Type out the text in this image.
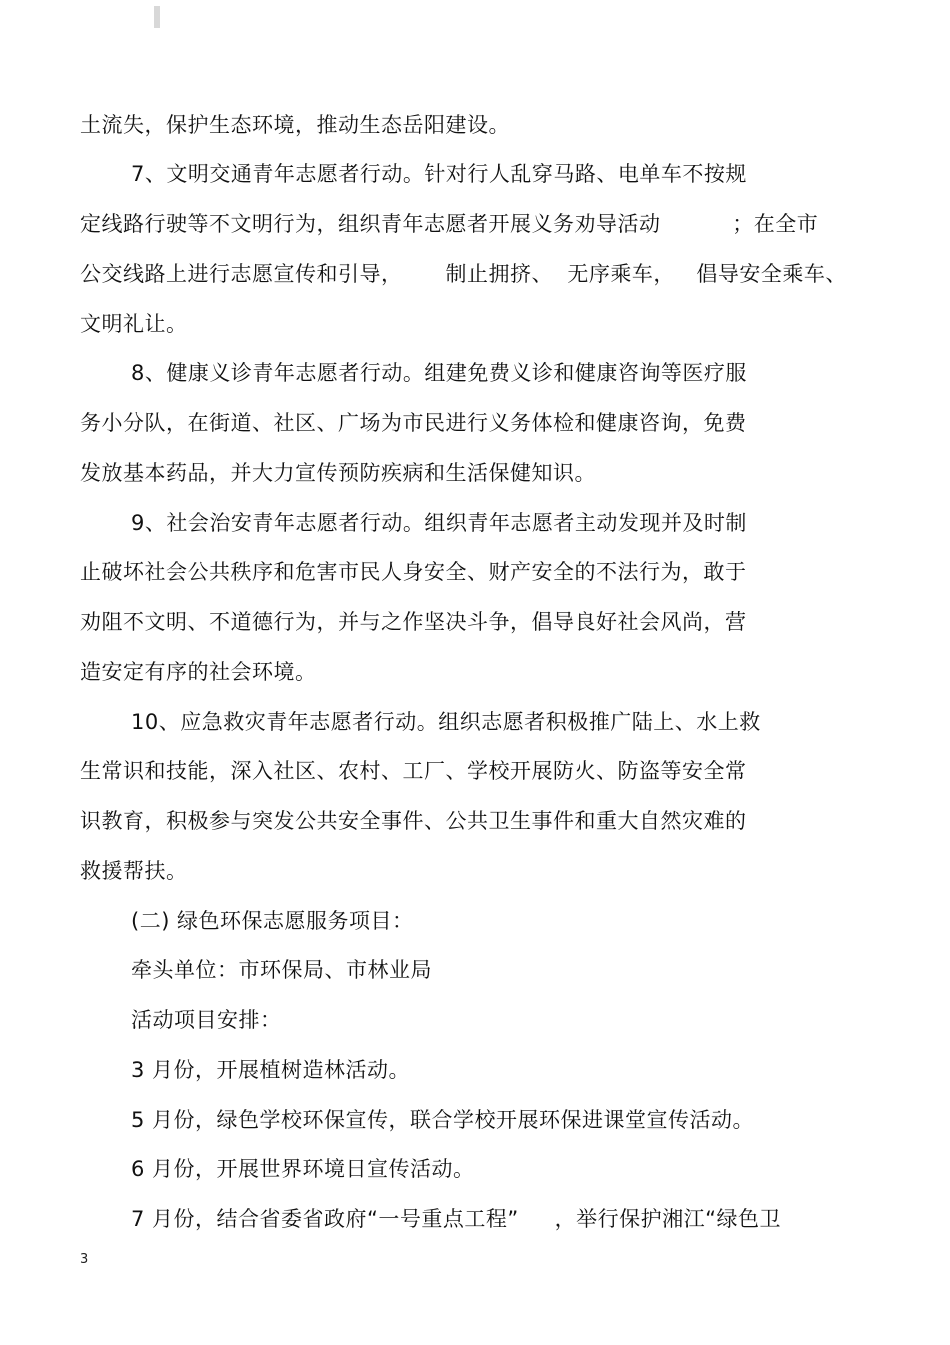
土流失，保护生态环境，推动生态岳阳建设。
7、文明交通青年志愿者行动。针对行人乱穿马路、电单车不按规
定线路行驶等不文明行为，组织青年志愿者开展义务劝导活动          ；在全市
公交线路上进行志愿宣传和引导，      制止拥挤、  无序乘车，   倡导安全乘车、
文明礼让。
8、健康义诊青年志愿者行动。组建免费义诊和健康咨询等医疗服
务小分队，在街道、社区、广场为市民进行义务体检和健康咨询，免费
发放基本药品，并大力宣传预防疾病和生活保健知识。
9、社会治安青年志愿者行动。组织青年志愿者主动发现并及时制
止破坏社会公共秩序和危害市民人身安全、财产安全的不法行为，敢于
劝阻不文明、不道德行为，并与之作坚决斗争，倡导良好社会风尚，营
造安定有序的社会环境。
10、应急救灾青年志愿者行动。组织志愿者积极推广陆上、水上救
生常识和技能，深入社区、农村、工厂、学校开展防火、防盗等安全常
识教育，积极参与突发公共安全事件、公共卫生事件和重大自然灾难的
救援帮扶。
(二) 绿色环保志愿服务项目：
牵头单位：市环保局、市林业局
活动项目安排：
3 月份，开展植树造林活动。
5 月份，绿色学校环保宣传，联合学校开展环保进课堂宣传活动。
6 月份，开展世界环境日宣传活动。
7 月份，结合省委省政府“一号重点工程”     ，举行保护湘江“绿色卫
3
